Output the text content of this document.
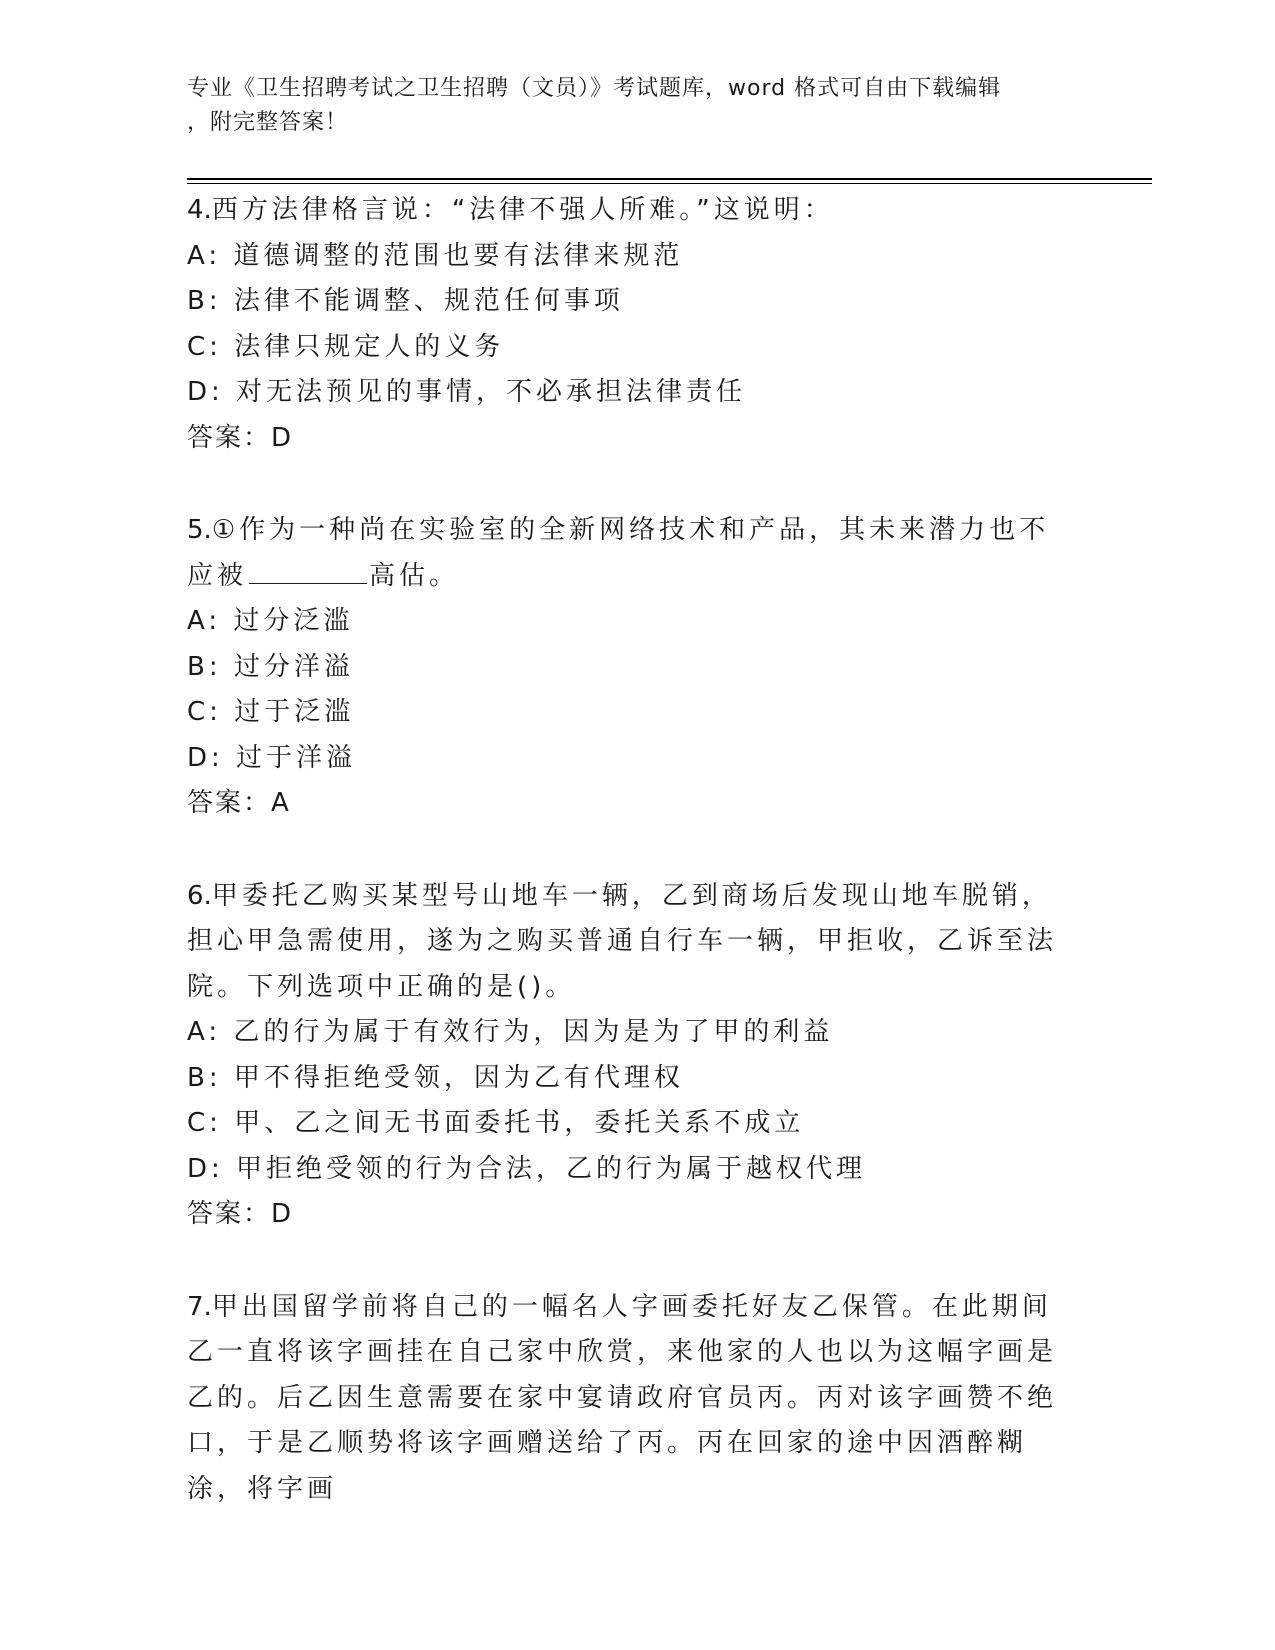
专业《卫生招聘考试之卫生招聘（文员）》考试题库，word 格式可自由下载编辑
，附完整答案！

4.西方法律格言说：“法律不强人所难。”这说明：

A: 道德调整的范围也要有法律来规范

B: 法律不能调整、规范任何事项

C: 法律只规定人的义务

D: 对无法预见的事情，不必承担法律责任

答案：D

5.①作为一种尚在实验室的全新网络技术和产品，其未来潜力也不应被	高估。

A: 过分泛滥

B: 过分洋溢

C: 过于泛滥

D: 过于洋溢

答案：A

6.甲委托乙购买某型号山地车一辆，乙到商场后发现山地车脱销，担心甲急需使用，遂为之购买普通自行车一辆，甲拒收，乙诉至法院。下列选项中正确的是()。

A: 乙的行为属于有效行为，因为是为了甲的利益

B: 甲不得拒绝受领，因为乙有代理权

C: 甲、乙之间无书面委托书，委托关系不成立

D: 甲拒绝受领的行为合法，乙的行为属于越权代理

答案：D

7.甲出国留学前将自己的一幅名人字画委托好友乙保管。在此期间乙一直将该字画挂在自己家中欣赏，来他家的人也以为这幅字画是乙的。后乙因生意需要在家中宴请政府官员丙。丙对该字画赞不绝口，于是乙顺势将该字画赠送给了丙。丙在回家的途中因酒醉糊涂，将字画
